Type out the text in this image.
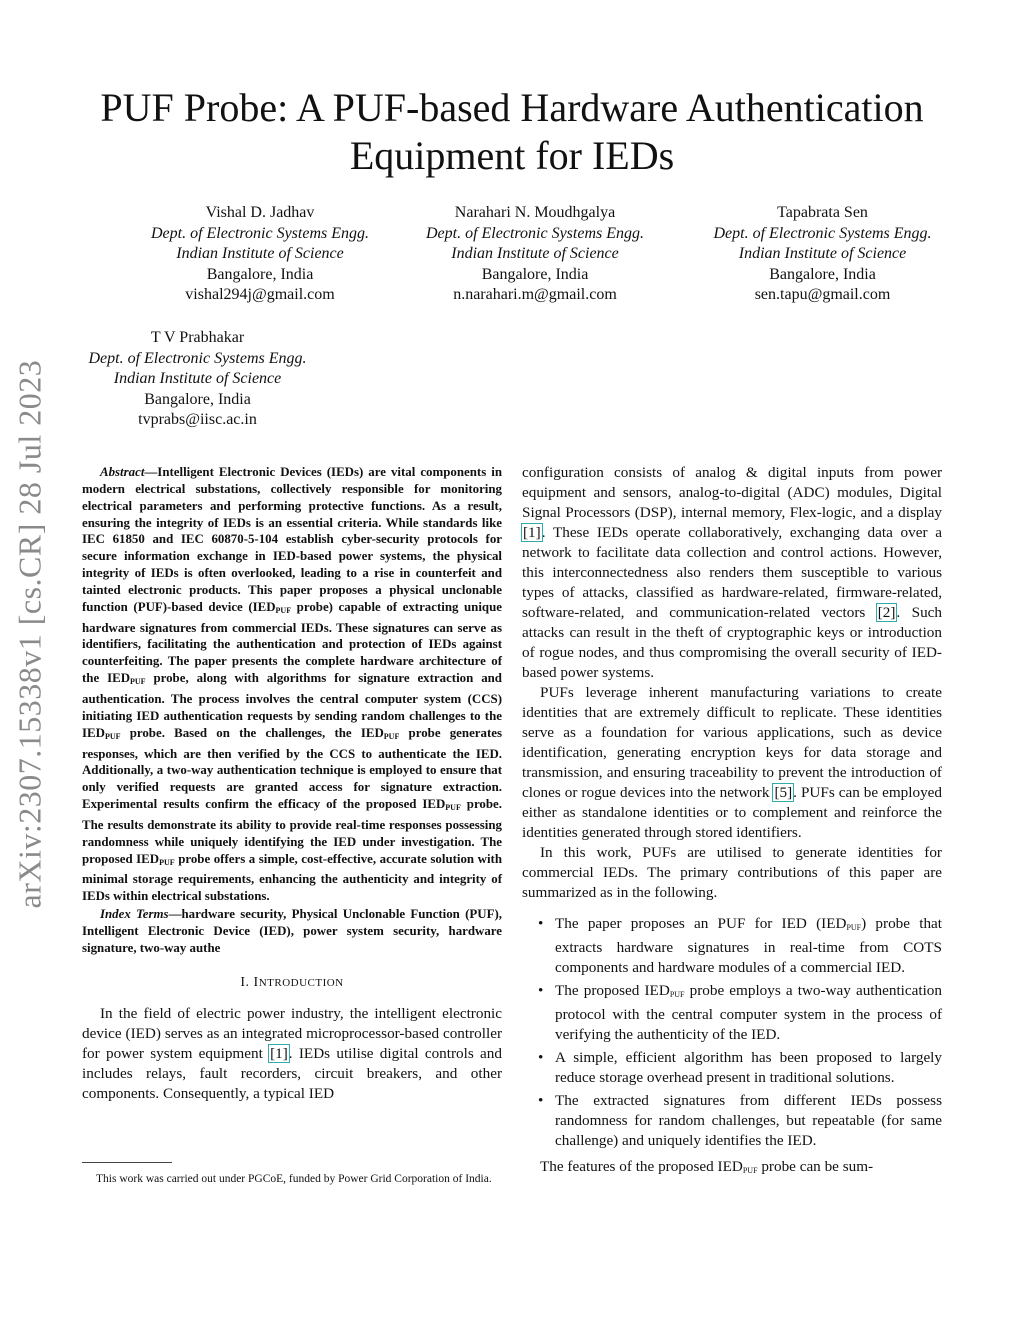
arXiv:2307.15338v1 [cs.CR] 28 Jul 2023
PUF Probe: A PUF-based Hardware Authentication Equipment for IEDs
Vishal D. Jadhav
Dept. of Electronic Systems Engg.
Indian Institute of Science
Bangalore, India
vishal294j@gmail.com
Narahari N. Moudhgalya
Dept. of Electronic Systems Engg.
Indian Institute of Science
Bangalore, India
n.narahari.m@gmail.com
Tapabrata Sen
Dept. of Electronic Systems Engg.
Indian Institute of Science
Bangalore, India
sen.tapu@gmail.com
T V Prabhakar
Dept. of Electronic Systems Engg.
Indian Institute of Science
Bangalore, India
tvprabs@iisc.ac.in

Abstract—Intelligent Electronic Devices (IEDs) are vital components in modern electrical substations, collectively responsible for monitoring electrical parameters and performing protective functions. As a result, ensuring the integrity of IEDs is an essential criteria. While standards like IEC 61850 and IEC 60870-5-104 establish cyber-security protocols for secure information exchange in IED-based power systems, the physical integrity of IEDs is often overlooked, leading to a rise in counterfeit and tainted electronic products. This paper proposes a physical unclonable function (PUF)-based device ($IED_{PUF}$ probe) capable of extracting unique hardware signatures from commercial IEDs. These signatures can serve as identifiers, facilitating the authentication and protection of IEDs against counterfeiting. The paper presents the complete hardware architecture of the $IED_{PUF}$ probe, along with algorithms for signature extraction and authentication. The process involves the central computer system (CCS) initiating IED authentication requests by sending random challenges to the $IED_{PUF}$ probe. Based on the challenges, the $IED_{PUF}$ probe generates responses, which are then verified by the CCS to authenticate the IED. Additionally, a two-way authentication technique is employed to ensure that only verified requests are granted access for signature extraction. Experimental results confirm the efficacy of the proposed $IED_{PUF}$ probe. The results demonstrate its ability to provide real-time responses possessing randomness while uniquely identifying the IED under investigation. The proposed $IED_{PUF}$ probe offers a simple, cost-effective, accurate solution with minimal storage requirements, enhancing the authenticity and integrity of IEDs within electrical substations.

Index Terms—hardware security, Physical Unclonable Function (PUF), Intelligent Electronic Device (IED), power system security, hardware signature, two-way authe

I. INTRODUCTION

In the field of electric power industry, the intelligent electronic device (IED) serves as an integrated microprocessor-based controller for power system equipment [1]. IEDs utilise digital controls and includes relays, fault recorders, circuit breakers, and other components. Consequently, a typical IED

This work was carried out under PGCoE, funded by Power Grid Corporation of India.

configuration consists of analog & digital inputs from power equipment and sensors, analog-to-digital (ADC) modules, Digital Signal Processors (DSP), internal memory, Flex-logic, and a display [1]. These IEDs operate collaboratively, exchanging data over a network to facilitate data collection and control actions. However, this interconnectedness also renders them susceptible to various types of attacks, classified as hardware-related, firmware-related, software-related, and communication-related vectors [2]. Such attacks can result in the theft of cryptographic keys or introduction of rogue nodes, and thus compromising the overall security of IED-based power systems.

PUFs leverage inherent manufacturing variations to create identities that are extremely difficult to replicate. These identities serve as a foundation for various applications, such as device identification, generating encryption keys for data storage and transmission, and ensuring traceability to prevent the introduction of clones or rogue devices into the network [5]. PUFs can be employed either as standalone identities or to complement and reinforce the identities generated through stored identifiers.

In this work, PUFs are utilised to generate identities for commercial IEDs. The primary contributions of this paper are summarized as in the following.

• The paper proposes an PUF for IED $(IED_{PUF})$ probe that extracts hardware signatures in real-time from COTS components and hardware modules of a commercial IED.
• The proposed $IED_{PUF}$ probe employs a two-way authentication protocol with the central computer system in the process of verifying the authenticity of the IED.
• A simple, efficient algorithm has been proposed to largely reduce storage overhead present in traditional solutions.
• The extracted signatures from different IEDs possess randomness for random challenges, but repeatable (for same challenge) and uniquely identifies the IED.

The features of the proposed $IED_{PUF}$ probe can be sum-
